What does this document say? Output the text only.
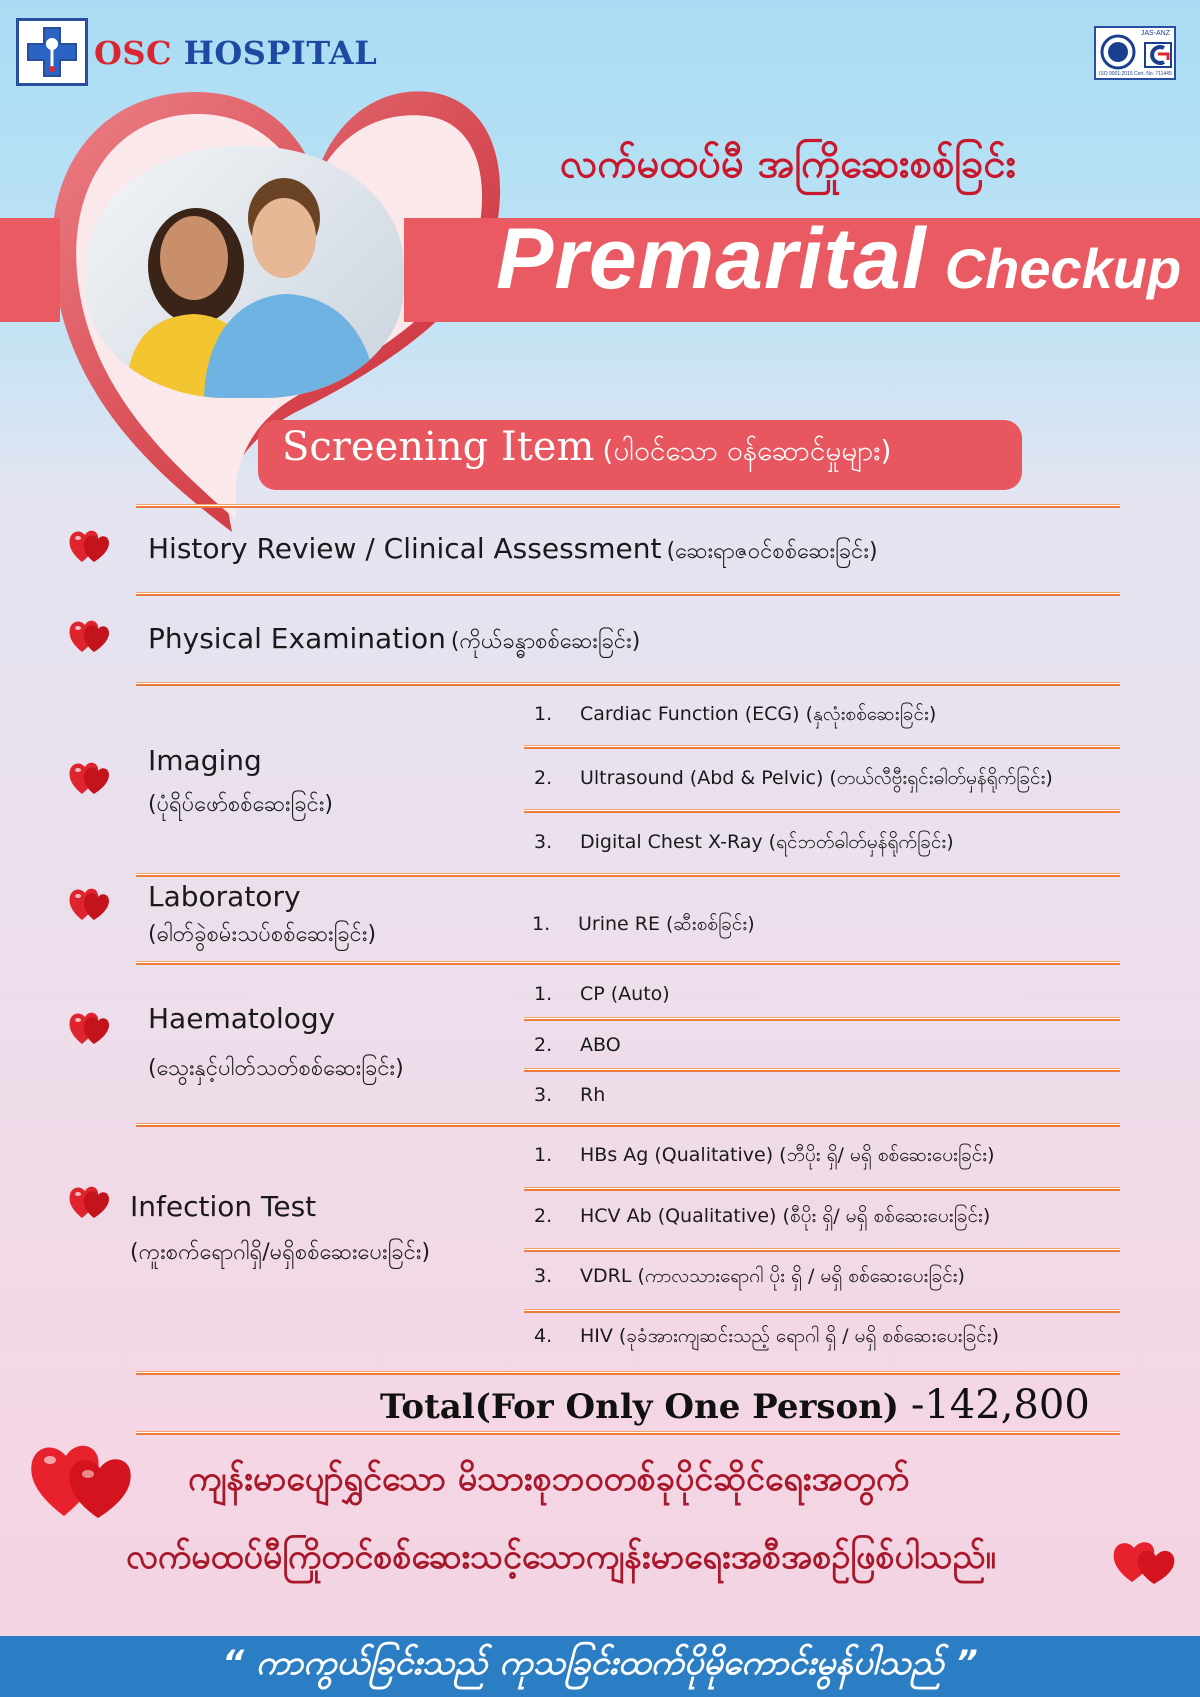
OSC HOSPITAL
JAS-ANZ
ISO 9001:2015 Cert. No. 711445
လက်မထပ်မီ အကြိုဆေးစစ်ခြင်း
Premarital Checkup
Screening Item (ပါဝင်သော ဝန်ဆောင်မှုများ)
History Review / Clinical Assessment (ဆေးရာဇဝင်စစ်ဆေးခြင်း)
Physical Examination (ကိုယ်ခန္ဓာစစ်ဆေးခြင်း)
Imaging
(ပုံရိပ်ဖော်စစ်ဆေးခြင်း)
1. Cardiac Function (ECG) (နှလုံးစစ်ဆေးခြင်း)
2. Ultrasound (Abd & Pelvic) (တယ်လီဗွီးရှင်းဓါတ်မှန်ရိုက်ခြင်း)
3. Digital Chest X-Ray (ရင်ဘတ်ဓါတ်မှန်ရိုက်ခြင်း)
Laboratory
(ဓါတ်ခွဲစမ်းသပ်စစ်ဆေးခြင်း)	1. Urine RE (ဆီးစစ်ခြင်း)
Haematology
(သွေးနှင့်ပါတ်သတ်စစ်ဆေးခြင်း)
1. CP (Auto)
2. ABO
3. Rh
Infection Test
(ကူးစက်ရောဂါရှိ/မရှိစစ်ဆေးပေးခြင်း)
1. HBs Ag (Qualitative) (ဘီပိုး ရှိ/ မရှိ စစ်ဆေးပေးခြင်း)
2. HCV Ab (Qualitative) (စီပိုး ရှိ/ မရှိ စစ်ဆေးပေးခြင်း)
3. VDRL (ကာလသားရောဂါ ပိုး ရှိ / မရှိ စစ်ဆေးပေးခြင်း)
4. HIV (ခုခံအားကျဆင်းသည့် ရောဂါ ရှိ / မရှိ စစ်ဆေးပေးခြင်း)
Total(For Only One Person) -142,800
ကျန်းမာပျော်ရွှင်သော မိသားစုဘဝတစ်ခုပိုင်ဆိုင်ရေးအတွက်
လက်မထပ်မီကြိုတင်စစ်ဆေးသင့်သောကျန်းမာရေးအစီအစဉ်ဖြစ်ပါသည်။
“ ကာကွယ်ခြင်းသည် ကုသခြင်းထက်ပိုမိုကောင်းမွန်ပါသည် ”
